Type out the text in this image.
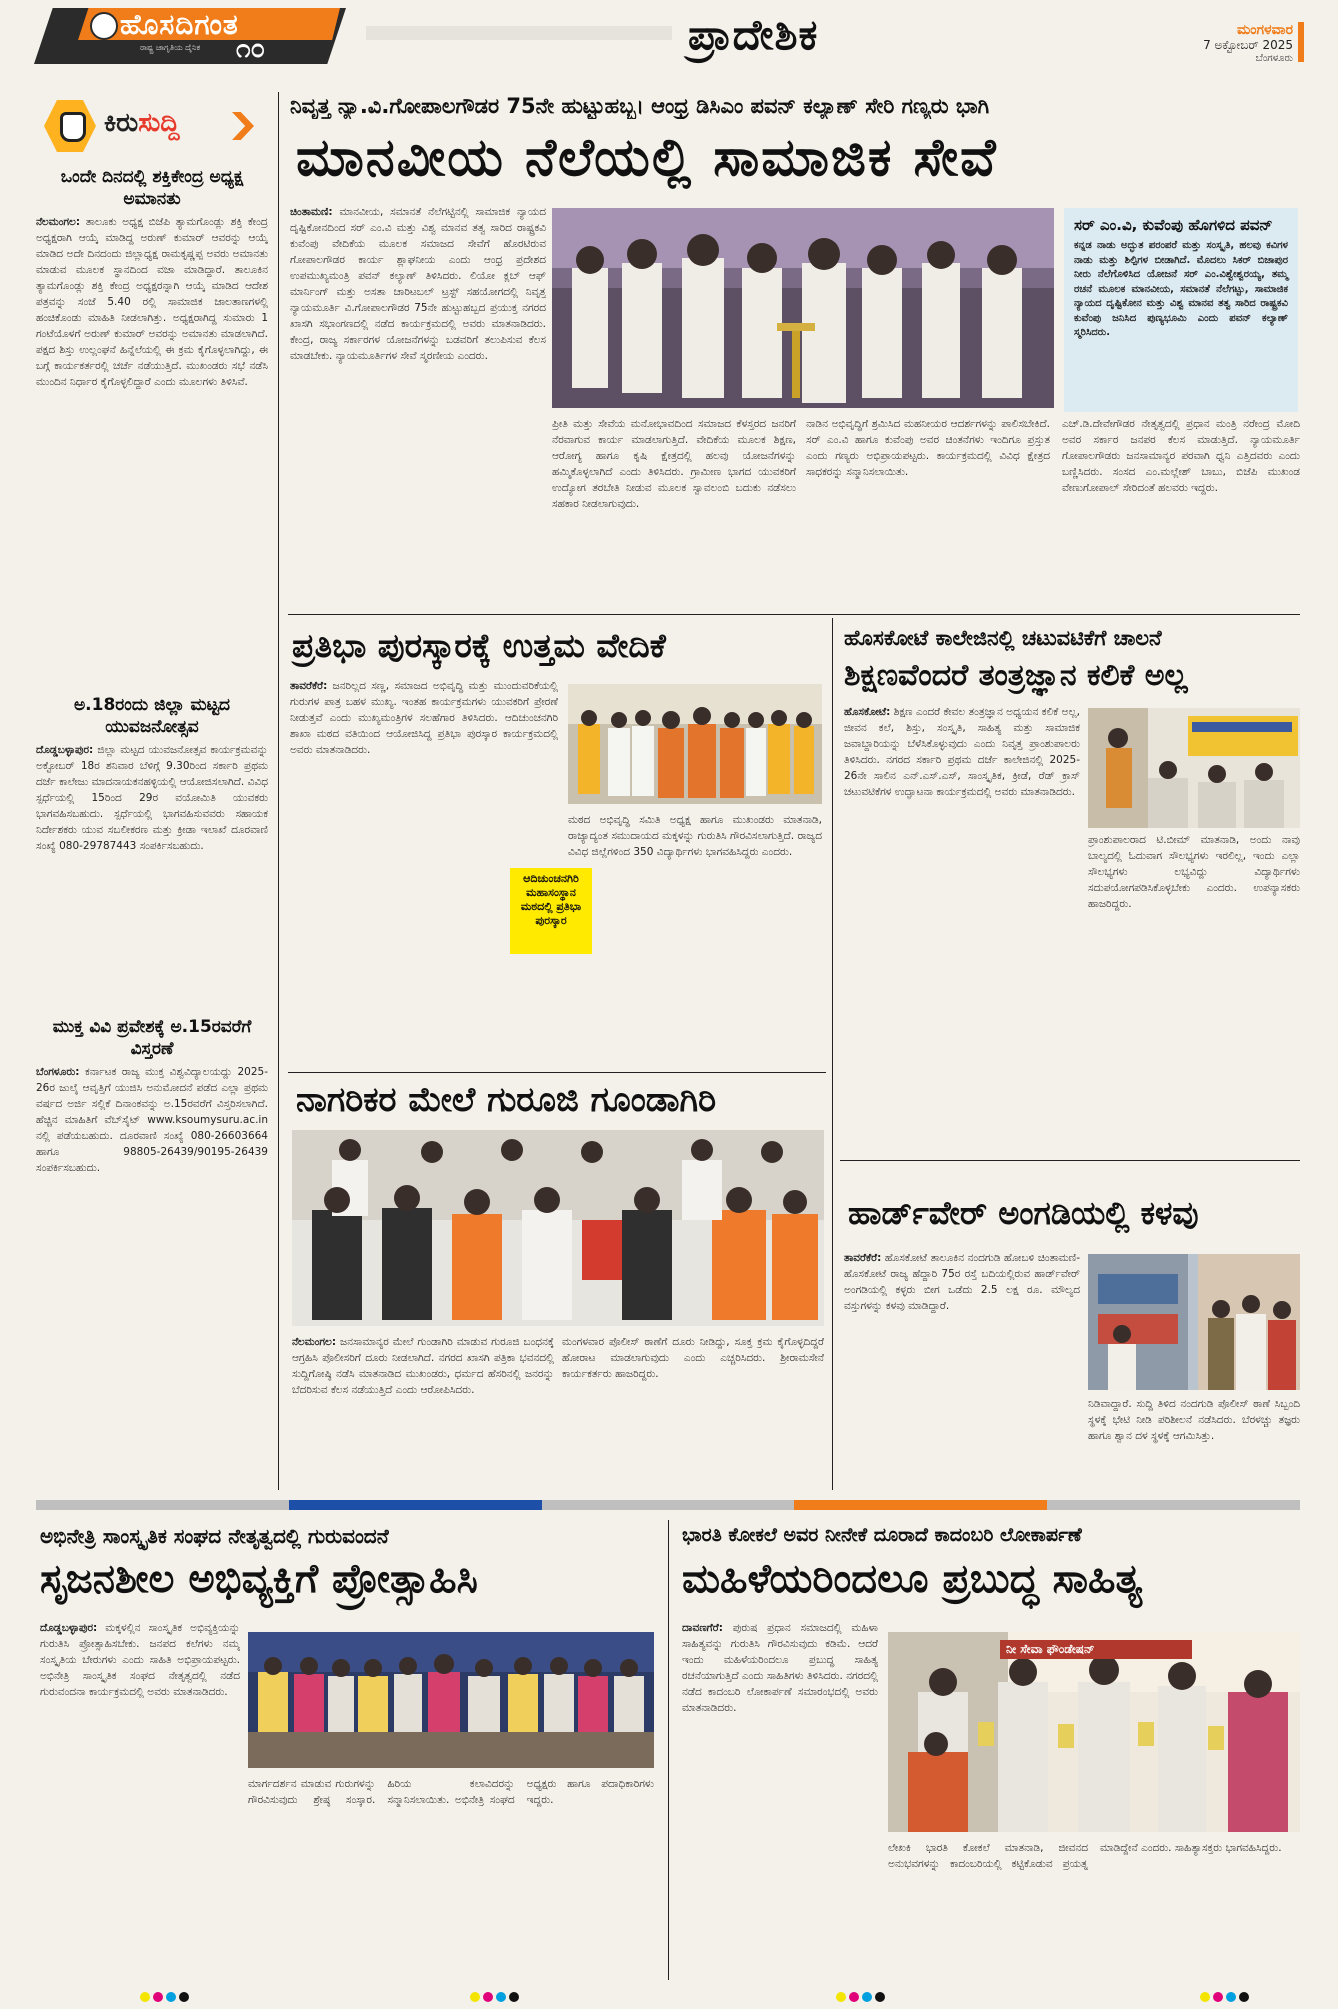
ಹೊಸದಿಗಂತ
ರಾಷ್ಟ್ರ ಜಾಗೃತಿಯ ದೈನಿಕ ೧೦	ಪ್ರಾದೇಶಿಕ	ಮಂಗಳವಾರ
7 ಅಕ್ಟೋಬರ್ 2025
ಬೆಂಗಳೂರು
ಕಿರುಸುದ್ದಿ
ಒಂದೇ ದಿನದಲ್ಲಿ ಶಕ್ತಿಕೇಂದ್ರ ಅಧ್ಯಕ್ಷ ಅಮಾನತು
ನೆಲಮಂಗಲ: ತಾಲೂಕು ಅಧ್ಯಕ್ಷ ಬಿಜೆಪಿ ತ್ಯಾಮಗೊಂಡ್ಲು ಶಕ್ತಿ ಕೇಂದ್ರ ಅಧ್ಯಕ್ಷರಾಗಿ ಆಯ್ಕೆ ಮಾಡಿದ್ದ ಅರುಣ್ ಕುಮಾರ್ ಆವರನ್ನು ಆಯ್ಕೆ ಮಾಡಿದ ಅದೇ ದಿನದಂದು ಜಿಲ್ಲಾಧ್ಯಕ್ಷ ರಾಮಕೃಷ್ಣಪ್ಪ ಅವರು ಅಮಾನತು ಮಾಡುವ ಮೂಲಕ ಸ್ಥಾನದಿಂದ ವಜಾ ಮಾಡಿದ್ದಾರೆ. ತಾಲೂಕಿನ ತ್ಯಾಮಗೊಂಡ್ಲು ಶಕ್ತಿ ಕೇಂದ್ರ ಅಧ್ಯಕ್ಷರನ್ನಾಗಿ ಆಯ್ಕೆ ಮಾಡಿದ ಆದೇಶ ಪತ್ರವನ್ನು ಸಂಜೆ 5.40 ರಲ್ಲಿ ಸಾಮಾಜಿಕ ಜಾಲತಾಣಗಳಲ್ಲಿ ಹಂಚಿಕೊಂಡು ಮಾಹಿತಿ ನೀಡಲಾಗಿತ್ತು. ಅಧ್ಯಕ್ಷರಾಗಿದ್ದ ಸುಮಾರು 1 ಗಂಟೆಯೊಳಗೆ ಅರುಣ್ ಕುಮಾರ್ ಅವರನ್ನು ಅಮಾನತು ಮಾಡಲಾಗಿದೆ. ಪಕ್ಷದ ಶಿಸ್ತು ಉಲ್ಲಂಘನೆ ಹಿನ್ನೆಲೆಯಲ್ಲಿ ಈ ಕ್ರಮ ಕೈಗೊಳ್ಳಲಾಗಿದ್ದು, ಈ ಬಗ್ಗೆ ಕಾರ್ಯಕರ್ತರಲ್ಲಿ ಚರ್ಚೆ ನಡೆಯುತ್ತಿದೆ. ಮುಖಂಡರು ಸಭೆ ನಡೆಸಿ ಮುಂದಿನ ನಿರ್ಧಾರ ಕೈಗೊಳ್ಳಲಿದ್ದಾರೆ ಎಂದು ಮೂಲಗಳು ತಿಳಿಸಿವೆ.
ಅ.18ರಂದು ಜಿಲ್ಲಾ ಮಟ್ಟದ ಯುವಜನೋತ್ಸವ
ದೊಡ್ಡಬಳ್ಳಾಪುರ: ಜಿಲ್ಲಾ ಮಟ್ಟದ ಯುವಜನೋತ್ಸವ ಕಾರ್ಯಕ್ರಮವನ್ನು ಅಕ್ಟೋಬರ್ 18ರ ಶನಿವಾರ ಬೆಳಿಗ್ಗೆ 9.30ರಿಂದ ಸರ್ಕಾರಿ ಪ್ರಥಮ ದರ್ಜೆ ಕಾಲೇಜು ಮಾದನಾಯಕನಹಳ್ಳಿಯಲ್ಲಿ ಆಯೋಜಿಸಲಾಗಿದೆ. ವಿವಿಧ ಸ್ಪರ್ಧೆಯಲ್ಲಿ 15ರಿಂದ 29ರ ವಯೋಮಿತಿ ಯುವಕರು ಭಾಗವಹಿಸಬಹುದು. ಸ್ಪರ್ಧೆಯಲ್ಲಿ ಭಾಗವಹಿಸುವವರು ಸಹಾಯಕ ನಿರ್ದೇಶಕರು ಯುವ ಸಬಲೀಕರಣ ಮತ್ತು ಕ್ರೀಡಾ ಇಲಾಖೆ ದೂರವಾಣಿ ಸಂಖ್ಯೆ 080-29787443 ಸಂಪರ್ಕಿಸಬಹುದು.
ಮುಕ್ತ ವಿವಿ ಪ್ರವೇಶಕ್ಕೆ ಅ.15ರವರೆಗೆ ವಿಸ್ತರಣೆ
ಬೆಂಗಳೂರು: ಕರ್ನಾಟಕ ರಾಜ್ಯ ಮುಕ್ತ ವಿಶ್ವವಿದ್ಯಾಲಯದ್ದು 2025-26ರ ಜುಲೈ ಆವೃತ್ತಿಗೆ ಯುಜಿಸಿ ಅನುಮೋದನೆ ಪಡೆದ ಎಲ್ಲಾ ಪ್ರಥಮ ವರ್ಷದ ಅರ್ಜಿ ಸಲ್ಲಿಕೆ ದಿನಾಂಕವನ್ನು ಅ.15ರವರೆಗೆ ವಿಸ್ತರಿಸಲಾಗಿದೆ. ಹೆಚ್ಚಿನ ಮಾಹಿತಿಗೆ ವೆಬ್‌ಸೈಟ್ www.ksoumysuru.ac.in ನಲ್ಲಿ ಪಡೆಯಬಹುದು. ದೂರವಾಣಿ ಸಂಖ್ಯೆ 080-26603664 ಹಾಗೂ 98805-26439/90195-26439 ಸಂಪರ್ಕಿಸಬಹುದು.
ನಿವೃತ್ತ ನ್ಯಾ.ವಿ.ಗೋಪಾಲಗೌಡರ 75ನೇ ಹುಟ್ಟುಹಬ್ಬ। ಆಂಧ್ರ ಡಿಸಿಎಂ ಪವನ್ ಕಲ್ಯಾಣ್ ಸೇರಿ ಗಣ್ಯರು ಭಾಗಿ
ಮಾನವೀಯ ನೆಲೆಯಲ್ಲಿ ಸಾಮಾಜಿಕ ಸೇವೆ
ಚಿಂತಾಮಣಿ: ಮಾನವೀಯ, ಸಮಾನತೆ ನೆಲೆಗಟ್ಟಿನಲ್ಲಿ ಸಾಮಾಜಿಕ ನ್ಯಾಯದ ದೃಷ್ಟಿಕೋನದಿಂದ ಸರ್ ಎಂ.ವಿ ಮತ್ತು ವಿಶ್ವ ಮಾನವ ತತ್ವ ಸಾರಿದ ರಾಷ್ಟ್ರಕವಿ ಕುವೆಂಪು ವೇದಿಕೆಯ ಮೂಲಕ ಸಮಾಜದ ಸೇವೆಗೆ ಹೊರಟಿರುವ ಗೋಪಾಲಗೌಡರ ಕಾರ್ಯ ಶ್ಲಾಘನೀಯ ಎಂದು ಆಂಧ್ರ ಪ್ರದೇಶದ ಉಪಮುಖ್ಯಮಂತ್ರಿ ಪವನ್ ಕಲ್ಯಾಣ್ ತಿಳಿಸಿದರು. ಲಿಯೋ ಕ್ಲಬ್ ಆಫ್ ಮಾರ್ನಿಂಗ್ ಮತ್ತು ಅಸತಾ ಚಾರಿಟಬಲ್ ಟ್ರಸ್ಟ್ ಸಹಯೋಗದಲ್ಲಿ ನಿವೃತ್ತ ನ್ಯಾಯಮೂರ್ತಿ ವಿ.ಗೋಪಾಲಗೌಡರ 75ನೇ ಹುಟ್ಟುಹಬ್ಬದ ಪ್ರಯುಕ್ತ ನಗರದ ಖಾಸಗಿ ಸಭಾಂಗಣದಲ್ಲಿ ನಡೆದ ಕಾರ್ಯಕ್ರಮದಲ್ಲಿ ಅವರು ಮಾತನಾಡಿದರು. ಕೇಂದ್ರ, ರಾಜ್ಯ ಸರ್ಕಾರಗಳ ಯೋಜನೆಗಳನ್ನು ಬಡವರಿಗೆ ತಲುಪಿಸುವ ಕೆಲಸ ಮಾಡಬೇಕು. ನ್ಯಾಯಮೂರ್ತಿಗಳ ಸೇವೆ ಸ್ಮರಣೀಯ ಎಂದರು.
ಸರ್ ಎಂ.ವಿ, ಕುವೆಂಪು ಹೊಗಳಿದ ಪವನ್
ಕನ್ನಡ ನಾಡು ಅದ್ಭುತ ಪರಂಪರೆ ಮತ್ತು ಸಂಸ್ಕೃತಿ, ಹಲವು ಕವಿಗಳ ನಾಡು ಮತ್ತು ಶಿಲ್ಪಿಗಳ ಬೀಡಾಗಿದೆ. ಮೊದಲು ಸಿಕರ್ ಬಿಜಾಪುರ ನೀರು ನೆಲೆಗೊಳಿಸಿದ ಯೋಜನೆ ಸರ್ ಎಂ.ವಿಶ್ವೇಶ್ವರಯ್ಯ, ತಮ್ಮ ರಚನೆ ಮೂಲಕ ಮಾನವೀಯ, ಸಮಾನತೆ ನೆಲೆಗಟ್ಟು, ಸಾಮಾಜಿಕ ನ್ಯಾಯದ ದೃಷ್ಟಿಕೋನ ಮತ್ತು ವಿಶ್ವ ಮಾನವ ತತ್ವ ಸಾರಿದ ರಾಷ್ಟ್ರಕವಿ ಕುವೆಂಪು ಜನಿಸಿದ ಪುಣ್ಯಭೂಮಿ ಎಂದು ಪವನ್ ಕಲ್ಯಾಣ್ ಸ್ಮರಿಸಿದರು.
ಪ್ರೀತಿ ಮತ್ತು ಸೇವೆಯ ಮನೋಭಾವದಿಂದ ಸಮಾಜದ ಕೆಳಸ್ತರದ ಜನರಿಗೆ ನೆರವಾಗುವ ಕಾರ್ಯ ಮಾಡಲಾಗುತ್ತಿದೆ. ವೇದಿಕೆಯ ಮೂಲಕ ಶಿಕ್ಷಣ, ಆರೋಗ್ಯ ಹಾಗೂ ಕೃಷಿ ಕ್ಷೇತ್ರದಲ್ಲಿ ಹಲವು ಯೋಜನೆಗಳನ್ನು ಹಮ್ಮಿಕೊಳ್ಳಲಾಗಿದೆ ಎಂದು ತಿಳಿಸಿದರು. ಗ್ರಾಮೀಣ ಭಾಗದ ಯುವಕರಿಗೆ ಉದ್ಯೋಗ ತರಬೇತಿ ನೀಡುವ ಮೂಲಕ ಸ್ವಾವಲಂಬಿ ಬದುಕು ನಡೆಸಲು ಸಹಕಾರ ನೀಡಲಾಗುವುದು.
ನಾಡಿನ ಅಭಿವೃದ್ಧಿಗೆ ಶ್ರಮಿಸಿದ ಮಹನೀಯರ ಆದರ್ಶಗಳನ್ನು ಪಾಲಿಸಬೇಕಿದೆ. ಸರ್ ಎಂ.ವಿ ಹಾಗೂ ಕುವೆಂಪು ಅವರ ಚಿಂತನೆಗಳು ಇಂದಿಗೂ ಪ್ರಸ್ತುತ ಎಂದು ಗಣ್ಯರು ಅಭಿಪ್ರಾಯಪಟ್ಟರು. ಕಾರ್ಯಕ್ರಮದಲ್ಲಿ ವಿವಿಧ ಕ್ಷೇತ್ರದ ಸಾಧಕರನ್ನು ಸನ್ಮಾನಿಸಲಾಯಿತು.
ಎಚ್.ಡಿ.ದೇವೇಗೌಡರ ನೇತೃತ್ವದಲ್ಲಿ ಪ್ರಧಾನ ಮಂತ್ರಿ ನರೇಂದ್ರ ಮೋದಿ ಅವರ ಸರ್ಕಾರ ಜನಪರ ಕೆಲಸ ಮಾಡುತ್ತಿದೆ. ನ್ಯಾಯಮೂರ್ತಿ ಗೋಪಾಲಗೌಡರು ಜನಸಾಮಾನ್ಯರ ಪರವಾಗಿ ಧ್ವನಿ ಎತ್ತಿದವರು ಎಂದು ಬಣ್ಣಿಸಿದರು. ಸಂಸದ ಎಂ.ಮಲ್ಲೇಶ್ ಬಾಬು, ಬಿಜೆಪಿ ಮುಖಂಡ ವೇಣುಗೋಪಾಲ್ ಸೇರಿದಂತೆ ಹಲವರು ಇದ್ದರು.
ಪ್ರತಿಭಾ ಪುರಸ್ಕಾರಕ್ಕೆ ಉತ್ತಮ ವೇದಿಕೆ
ತಾವರೆಕೆರೆ: ಜನರಿಲ್ಲದ ಸಣ್ಣ, ಸಮಾಜದ ಅಭಿವೃದ್ಧಿ ಮತ್ತು ಮುಂದುವರಿಕೆಯಲ್ಲಿ ಗುರುಗಳ ಪಾತ್ರ ಬಹಳ ಮುಖ್ಯ. ಇಂತಹ ಕಾರ್ಯಕ್ರಮಗಳು ಯುವಕರಿಗೆ ಪ್ರೇರಣೆ ನೀಡುತ್ತವೆ ಎಂದು ಮುಖ್ಯಮಂತ್ರಿಗಳ ಸಲಹೆಗಾರ ತಿಳಿಸಿದರು. ಆದಿಚುಂಚನಗಿರಿ ಶಾಖಾ ಮಠದ ವತಿಯಿಂದ ಆಯೋಜಿಸಿದ್ದ ಪ್ರತಿಭಾ ಪುರಸ್ಕಾರ ಕಾರ್ಯಕ್ರಮದಲ್ಲಿ ಅವರು ಮಾತನಾಡಿದರು.
ಮಠದ ಅಭಿವೃದ್ಧಿ ಸಮಿತಿ ಅಧ್ಯಕ್ಷ ಹಾಗೂ ಮುಖಂಡರು ಮಾತನಾಡಿ, ರಾಜ್ಯಾದ್ಯಂತ ಸಮುದಾಯದ ಮಕ್ಕಳನ್ನು ಗುರುತಿಸಿ ಗೌರವಿಸಲಾಗುತ್ತಿದೆ. ರಾಜ್ಯದ ವಿವಿಧ ಜಿಲ್ಲೆಗಳಿಂದ 350 ವಿದ್ಯಾರ್ಥಿಗಳು ಭಾಗವಹಿಸಿದ್ದರು ಎಂದರು.
ಆದಿಚುಂಚನಗಿರಿ ಮಹಾಸಂಸ್ಥಾನ ಮಠದಲ್ಲಿ ಪ್ರತಿಭಾ ಪುರಸ್ಕಾರ
ಹೊಸಕೋಟೆ ಕಾಲೇಜಿನಲ್ಲಿ ಚಟುವಟಿಕೆಗೆ ಚಾಲನೆ
ಶಿಕ್ಷಣವೆಂದರೆ ತಂತ್ರಜ್ಞಾನ ಕಲಿಕೆ ಅಲ್ಲ
ಹೊಸಕೋಟೆ: ಶಿಕ್ಷಣ ಎಂದರೆ ಕೇವಲ ತಂತ್ರಜ್ಞಾನ ಅಧ್ಯಯನ ಕಲಿಕೆ ಅಲ್ಲ, ಜೀವನ ಕಲೆ, ಶಿಸ್ತು, ಸಂಸ್ಕೃತಿ, ಸಾಹಿತ್ಯ ಮತ್ತು ಸಾಮಾಜಿಕ ಜವಾಬ್ದಾರಿಯನ್ನು ಬೆಳೆಸಿಕೊಳ್ಳುವುದು ಎಂದು ನಿವೃತ್ತ ಪ್ರಾಂಶುಪಾಲರು ತಿಳಿಸಿದರು. ನಗರದ ಸರ್ಕಾರಿ ಪ್ರಥಮ ದರ್ಜೆ ಕಾಲೇಜಿನಲ್ಲಿ 2025-26ನೇ ಸಾಲಿನ ಎನ್.ಎಸ್.ಎಸ್, ಸಾಂಸ್ಕೃತಿಕ, ಕ್ರೀಡೆ, ರೆಡ್ ಕ್ರಾಸ್ ಚಟುವಟಿಕೆಗಳ ಉದ್ಘಾಟನಾ ಕಾರ್ಯಕ್ರಮದಲ್ಲಿ ಅವರು ಮಾತನಾಡಿದರು.
ಪ್ರಾಂಶುಪಾಲರಾದ ಟಿ.ಬೀಮ್ ಮಾತನಾಡಿ, ಅಂದು ನಾವು ಬಾಲ್ಯದಲ್ಲಿ ಓದುವಾಗ ಸೌಲಭ್ಯಗಳು ಇರಲಿಲ್ಲ, ಇಂದು ಎಲ್ಲಾ ಸೌಲಭ್ಯಗಳು ಲಭ್ಯವಿದ್ದು ವಿದ್ಯಾರ್ಥಿಗಳು ಸದುಪಯೋಗಪಡಿಸಿಕೊಳ್ಳಬೇಕು ಎಂದರು. ಉಪನ್ಯಾಸಕರು ಹಾಜರಿದ್ದರು.
ನಾಗರಿಕರ ಮೇಲೆ ಗುರೂಜಿ ಗೂಂಡಾಗಿರಿ
ನೆಲಮಂಗಲ: ಜನಸಾಮಾನ್ಯರ ಮೇಲೆ ಗುಂಡಾಗಿರಿ ಮಾಡುವ ಗುರೂಜಿ ಬಂಧನಕ್ಕೆ ಆಗ್ರಹಿಸಿ ಪೊಲೀಸರಿಗೆ ದೂರು ನೀಡಲಾಗಿದೆ. ನಗರದ ಖಾಸಗಿ ಪತ್ರಿಕಾ ಭವನದಲ್ಲಿ ಸುದ್ದಿಗೋಷ್ಠಿ ನಡೆಸಿ ಮಾತನಾಡಿದ ಮುಖಂಡರು, ಧರ್ಮದ ಹೆಸರಿನಲ್ಲಿ ಜನರನ್ನು ಬೆದರಿಸುವ ಕೆಲಸ ನಡೆಯುತ್ತಿದೆ ಎಂದು ಆರೋಪಿಸಿದರು.
ಮಂಗಳವಾರ ಪೊಲೀಸ್ ಠಾಣೆಗೆ ದೂರು ನೀಡಿದ್ದು, ಸೂಕ್ತ ಕ್ರಮ ಕೈಗೊಳ್ಳದಿದ್ದರೆ ಹೋರಾಟ ಮಾಡಲಾಗುವುದು ಎಂದು ಎಚ್ಚರಿಸಿದರು. ಶ್ರೀರಾಮಸೇನೆ ಕಾರ್ಯಕರ್ತರು ಹಾಜರಿದ್ದರು.
ಹಾರ್ಡ್‌ವೇರ್ ಅಂಗಡಿಯಲ್ಲಿ ಕಳವು
ತಾವರೆಕೆರೆ: ಹೊಸಕೋಟೆ ತಾಲೂಕಿನ ನಂದಗುಡಿ ಹೋಬಳಿ ಚಿಂತಾಮಣಿ-ಹೊಸಕೋಟೆ ರಾಜ್ಯ ಹೆದ್ದಾರಿ 75ರ ರಸ್ತೆ ಬದಿಯಲ್ಲಿರುವ ಹಾರ್ಡ್‌ವೇರ್ ಅಂಗಡಿಯಲ್ಲಿ ಕಳ್ಳರು ಬೀಗ ಒಡೆದು 2.5 ಲಕ್ಷ ರೂ. ಮೌಲ್ಯದ ವಸ್ತುಗಳನ್ನು ಕಳವು ಮಾಡಿದ್ದಾರೆ.
ನಿಡಿವಾದ್ದಾರೆ. ಸುದ್ದಿ ತಿಳಿದ ನಂದಗುಡಿ ಪೊಲೀಸ್ ಠಾಣೆ ಸಿಬ್ಬಂದಿ ಸ್ಥಳಕ್ಕೆ ಭೇಟಿ ನೀಡಿ ಪರಿಶೀಲನೆ ನಡೆಸಿದರು. ಬೆರಳಚ್ಚು ತಜ್ಞರು ಹಾಗೂ ಶ್ವಾನ ದಳ ಸ್ಥಳಕ್ಕೆ ಆಗಮಿಸಿತ್ತು.
ಅಭಿನೇತ್ರಿ ಸಾಂಸ್ಕೃತಿಕ ಸಂಘದ ನೇತೃತ್ವದಲ್ಲಿ ಗುರುವಂದನೆ
ಸೃಜನಶೀಲ ಅಭಿವ್ಯಕ್ತಿಗೆ ಪ್ರೋತ್ಸಾಹಿಸಿ
ದೊಡ್ಡಬಳ್ಳಾಪುರ: ಮಕ್ಕಳಲ್ಲಿನ ಸಾಂಸ್ಕೃತಿಕ ಅಭಿವ್ಯಕ್ತಿಯನ್ನು ಗುರುತಿಸಿ ಪ್ರೋತ್ಸಾಹಿಸಬೇಕು. ಜನಪದ ಕಲೆಗಳು ನಮ್ಮ ಸಂಸ್ಕೃತಿಯ ಬೇರುಗಳು ಎಂದು ಸಾಹಿತಿ ಅಭಿಪ್ರಾಯಪಟ್ಟರು. ಅಭಿನೇತ್ರಿ ಸಾಂಸ್ಕೃತಿಕ ಸಂಘದ ನೇತೃತ್ವದಲ್ಲಿ ನಡೆದ ಗುರುವಂದನಾ ಕಾರ್ಯಕ್ರಮದಲ್ಲಿ ಅವರು ಮಾತನಾಡಿದರು.
ಮಾರ್ಗದರ್ಶನ ಮಾಡುವ ಗುರುಗಳನ್ನು ಗೌರವಿಸುವುದು ಶ್ರೇಷ್ಠ ಸಂಸ್ಕಾರ. ಹಿರಿಯ ಕಲಾವಿದರನ್ನು ಸನ್ಮಾನಿಸಲಾಯಿತು. ಅಭಿನೇತ್ರಿ ಸಂಘದ ಅಧ್ಯಕ್ಷರು ಹಾಗೂ ಪದಾಧಿಕಾರಿಗಳು ಇದ್ದರು.
ಭಾರತಿ ಕೋಕಲೆ ಅವರ ನೀನೇಕೆ ದೂರಾದೆ ಕಾದಂಬರಿ ಲೋಕಾರ್ಪಣೆ
ಮಹಿಳೆಯರಿಂದಲೂ ಪ್ರಬುದ್ಧ ಸಾಹಿತ್ಯ
ದಾವಣಗೆರೆ: ಪುರುಷ ಪ್ರಧಾನ ಸಮಾಜದಲ್ಲಿ ಮಹಿಳಾ ಸಾಹಿತ್ಯವನ್ನು ಗುರುತಿಸಿ ಗೌರವಿಸುವುದು ಕಡಿಮೆ. ಆದರೆ ಇಂದು ಮಹಿಳೆಯರಿಂದಲೂ ಪ್ರಬುದ್ಧ ಸಾಹಿತ್ಯ ರಚನೆಯಾಗುತ್ತಿದೆ ಎಂದು ಸಾಹಿತಿಗಳು ತಿಳಿಸಿದರು. ನಗರದಲ್ಲಿ ನಡೆದ ಕಾದಂಬರಿ ಲೋಕಾರ್ಪಣೆ ಸಮಾರಂಭದಲ್ಲಿ ಅವರು ಮಾತನಾಡಿದರು.
ನೀ ಸೇವಾ ಫೌಂಡೇಷನ್
ಲೇಖಕಿ ಭಾರತಿ ಕೋಕಲೆ ಮಾತನಾಡಿ, ಜೀವನದ ಅನುಭವಗಳನ್ನು ಕಾದಂಬರಿಯಲ್ಲಿ ಕಟ್ಟಿಕೊಡುವ ಪ್ರಯತ್ನ ಮಾಡಿದ್ದೇನೆ ಎಂದರು. ಸಾಹಿತ್ಯಾಸಕ್ತರು ಭಾಗವಹಿಸಿದ್ದರು.
